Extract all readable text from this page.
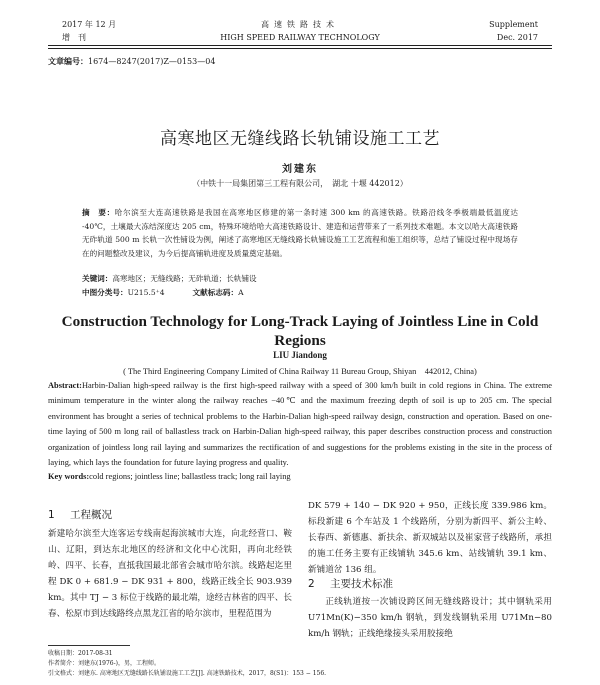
2017 年 12 月
增　刊
高速铁路技术
HIGH SPEED RAILWAY TECHNOLOGY
Supplement
Dec. 2017
文章编号：1674—8247(2017)Z—0153—04
高寒地区无缝线路长轨铺设施工工艺
刘建东
（中铁十一局集团第三工程有限公司，　湖北 十堰 442012）
摘　要：哈尔滨至大连高速铁路是我国在高寒地区修建的第一条时速 300 km 的高速铁路。铁路沿线冬季极端最低温度达 -40℃，土壤最大冻结深度达 205 cm，特殊环境给哈大高速铁路设计、建造和运营带来了一系列技术难题。本文以哈大高速铁路无砟轨道 500 m 长轨一次性铺设为例，阐述了高寒地区无缝线路长轨铺设施工工艺流程和施工组织等，总结了铺设过程中现场存在的问题整改及建议，为今后提高铺轨进度及质量奠定基础。
关键词：高寒地区；无缝线路；无砟轨道；长轨铺设
中图分类号：U215.5⁺4	文献标志码：A
Construction Technology for Long-Track Laying of Jointless Line in Cold Regions
LIU Jiandong
( The Third Engineering Company Limited of China Railway 11 Bureau Group, Shiyan　442012, China)
Abstract:Harbin-Dalian high-speed railway is the first high-speed railway with a speed of 300 km/h built in cold regions in China. The extreme minimum temperature in the winter along the railway reaches −40℃ and the maximum freezing depth of soil is up to 205 cm. The special environment has brought a series of technical problems to the Harbin-Dalian high-speed railway design, construction and operation. Based on one-time laying of 500 m long rail of ballastless track on Harbin-Dalian high-speed railway, this paper describes construction process and construction organization of jointless long rail laying and summarizes the rectification of and suggestions for the problems existing in the site in the process of laying, which lays the foundation for future laying progress and quality.
Key words:cold regions; jointless line; ballastless track; long rail laying
1 工程概况
新建哈尔滨至大连客运专线南起海滨城市大连，向北经营口、鞍山、辽阳，到达东北地区的经济和文化中心沈阳，再向北经铁岭、四平、长春，直抵我国最北部省会城市哈尔滨。线路起迄里程 DK 0 + 681.9 − DK 931 + 800，线路正线全长 903.939 km。其中 TJ − 3 标位于线路的最北端，途经吉林省的四平、长春、松原市到达线路终点黑龙江省的哈尔滨市，里程范围为
DK 579 + 140 − DK 920 + 950，正线长度 339.986 km。标段新建 6 个车站及 1 个线路所，分别为新四平、新公主岭、长春西、新德惠、新扶余、新双城站以及崔家营子线路所，承担的施工任务主要有正线铺轨 345.6 km、站线铺轨 39.1 km、新铺道岔 136 组。
2 主要技术标准
正线轨道按一次铺设跨区间无缝线路设计；其中钢轨采用 U71Mn(K)−350 km/h 钢轨，到发线钢轨采用 U71Mn−80 km/h 钢轨；正线绝缘接头采用胶接绝
收稿日期：2017-08-31
作者简介：刘建东(1976-)，男，工程师。
引文格式：刘建东. 高寒地区无缝线路长轨铺设施工工艺[J]. 高速铁路技术，2017，8(S1)：153 − 156.
